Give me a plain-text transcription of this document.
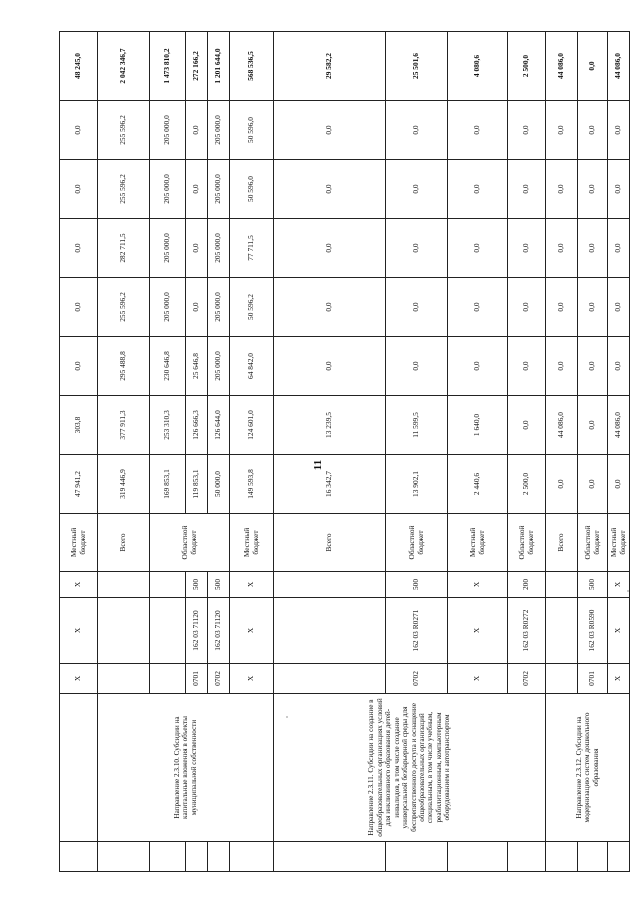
11
		X	X	X	Местный бюджет	47 941,2	303,8	0,0	0,0	0,0	0,0	0,0	48 245,0
	Направление 2.3.10. Субсидии на капитальные вложения в объекты муниципальной собственности				Всего	319 446,9	377 911,3	295 488,8	255 596,2	282 711,5	255 596,2	255 596,2	2 042 346,7
					Областной бюджет	169 853,1	253 310,3	230 646,8	205 000,0	205 000,0	205 000,0	205 000,0	1 473 810,2
		0701	162 03 71120	500		119 853,1	126 666,3	25 646,8	0,0	0,0	0,0	0,0	272 166,2
		0702	162 03 71120	500		50 000,0	126 644,0	205 000,0	205 000,0	205 000,0	205 000,0	205 000,0	1 201 644,0
		X	X	X	Местный бюджет	149 593,8	124 601,0	64 842,0	50 596,2	77 711,5	50 596,0	50 596,0	568 536,5
	Направление 2.3.11. Субсидии на создание в общеобразовательных организациях условий для инклюзивного образования детей-инвалидов, в том числе создание универсальной безбарьерной среды для беспрепятственного доступа и оснащение общеобразовательных организаций специальным, в том числе учебным, реабилитационным, компьютерным оборудованием и автотранспортом				Всего	16 342,7	13 239,5	0,0	0,0	0,0	0,0	0,0	29 582,2
		0702	162 03 R0271	500	Областной бюджет	13 902,1	11 599,5	0,0	0,0	0,0	0,0	0,0	25 501,6
		X	X	X	Местный бюджет	2 440,6	1 640,0	0,0	0,0	0,0	0,0	0,0	4 080,6
		0702	162 03 R0272	200	Областной бюджет	2 500,0	0,0	0,0	0,0	0,0	0,0	0,0	2 500,0
	Направление 2.3.12. Субсидии на модернизацию систем дошкольного образования				Всего	0,0	44 086,0	0,0	0,0	0,0	0,0	0,0	44 086,0
		0701	162 03 R0590	500	Областной бюджет	0,0	0,0	0,0	0,0	0,0	0,0	0,0	0,0
		X	X	X	Местный бюджет	0,0	44 086,0	0,0	0,0	0,0	0,0	0,0	44 086,0
